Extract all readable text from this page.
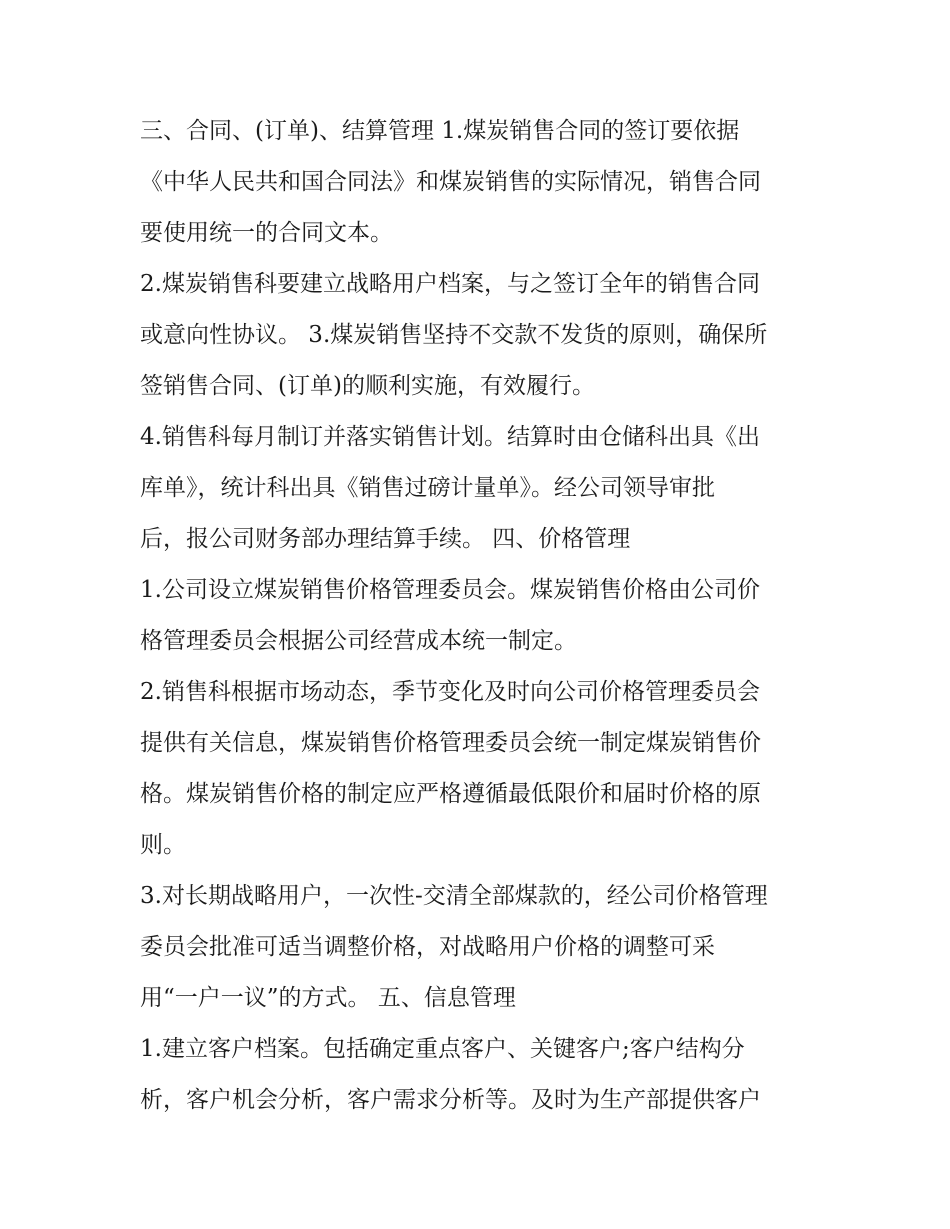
三、合同、(订单)、结算管理 1.煤炭销售合同的签订要依据
《中华人民共和国合同法》和煤炭销售的实际情况，销售合同
要使用统一的合同文本。
2.煤炭销售科要建立战略用户档案，与之签订全年的销售合同
或意向性协议。 3.煤炭销售坚持不交款不发货的原则，确保所
签销售合同、(订单)的顺利实施，有效履行。
4.销售科每月制订并落实销售计划。结算时由仓储科出具《出
库单》，统计科出具《销售过磅计量单》。经公司领导审批
后，报公司财务部办理结算手续。 四、价格管理
1.公司设立煤炭销售价格管理委员会。煤炭销售价格由公司价
格管理委员会根据公司经营成本统一制定。
2.销售科根据市场动态，季节变化及时向公司价格管理委员会
提供有关信息，煤炭销售价格管理委员会统一制定煤炭销售价
格。煤炭销售价格的制定应严格遵循最低限价和届时价格的原
则。
3.对长期战略用户，一次性-交清全部煤款的，经公司价格管理
委员会批准可适当调整价格，对战略用户价格的调整可采
用“一户一议”的方式。 五、信息管理
1.建立客户档案。包括确定重点客户、关键客户;客户结构分
析，客户机会分析，客户需求分析等。及时为生产部提供客户
